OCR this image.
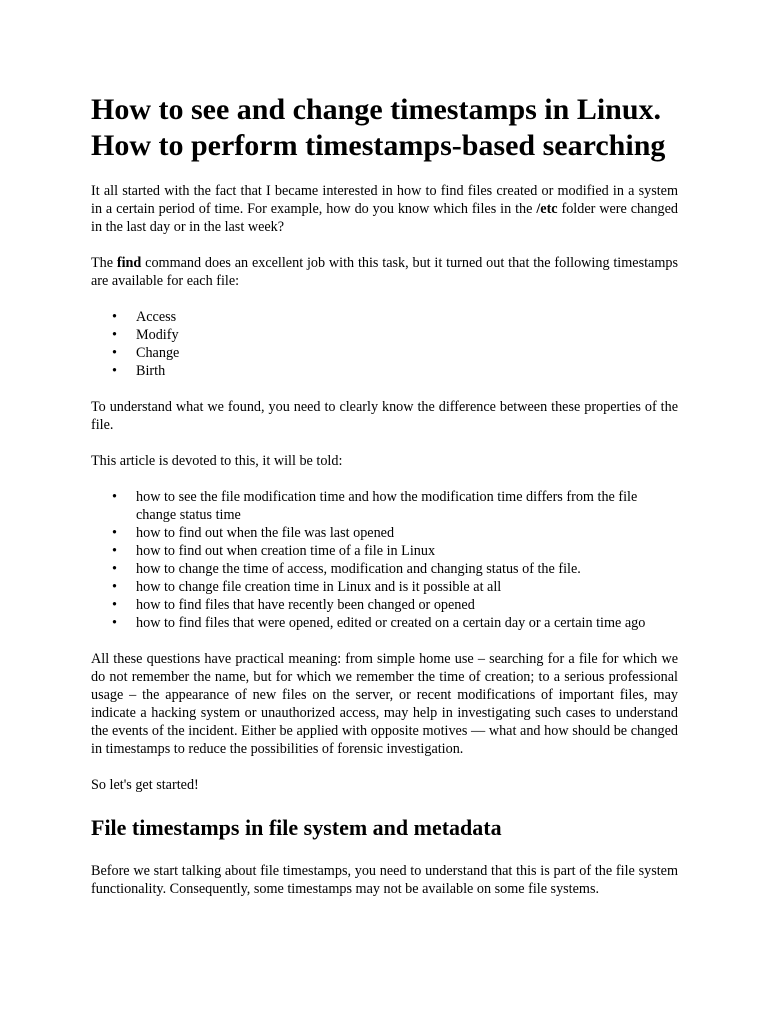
How to see and change timestamps in Linux.
How to perform timestamps-based searching

It all started with the fact that I became interested in how to find files created or modified in a system in a certain period of time. For example, how do you know which files in the /etc folder were changed in the last day or in the last week?

The find command does an excellent job with this task, but it turned out that the following timestamps are available for each file:

• Access
• Modify
• Change
• Birth

To understand what we found, you need to clearly know the difference between these properties of the file.

This article is devoted to this, it will be told:

• how to see the file modification time and how the modification time differs from the file change status time
• how to find out when the file was last opened
• how to find out when creation time of a file in Linux
• how to change the time of access, modification and changing status of the file.
• how to change file creation time in Linux and is it possible at all
• how to find files that have recently been changed or opened
• how to find files that were opened, edited or created on a certain day or a certain time ago

All these questions have practical meaning: from simple home use – searching for a file for which we do not remember the name, but for which we remember the time of creation; to a serious professional usage – the appearance of new files on the server, or recent modifications of important files, may indicate a hacking system or unauthorized access, may help in investigating such cases to understand the events of the incident. Either be applied with opposite motives — what and how should be changed in timestamps to reduce the possibilities of forensic investigation.

So let's get started!

File timestamps in file system and metadata

Before we start talking about file timestamps, you need to understand that this is part of the file system functionality. Consequently, some timestamps may not be available on some file systems.
